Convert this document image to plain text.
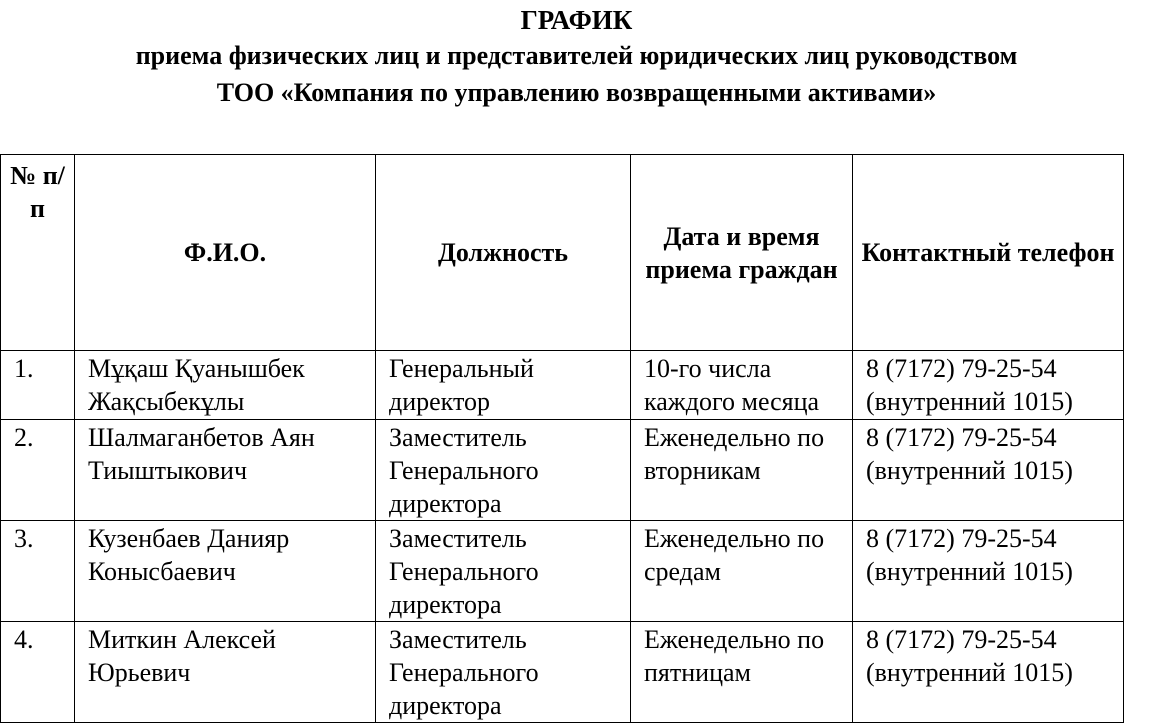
ГРАФИК
приема физических лиц и представителей юридических лиц руководством
ТОО «Компания по управлению возвращенными активами»
№ п/п	Ф.И.О.	Должность	Дата и время приема граждан	Контактный телефон
1.	Мұқаш Қуанышбек Жақсыбекұлы	Генеральный директор	10-го числа каждого месяца	8 (7172) 79-25-54 (внутренний 1015)
2.	Шалмаганбетов Аян Тиыштыкович	Заместитель Генерального директора	Еженедельно по вторникам	8 (7172) 79-25-54 (внутренний 1015)
3.	Кузенбаев Данияр Конысбаевич	Заместитель Генерального директора	Еженедельно по средам	8 (7172) 79-25-54 (внутренний 1015)
4.	Миткин Алексей Юрьевич	Заместитель Генерального директора	Еженедельно по пятницам	8 (7172) 79-25-54 (внутренний 1015)
